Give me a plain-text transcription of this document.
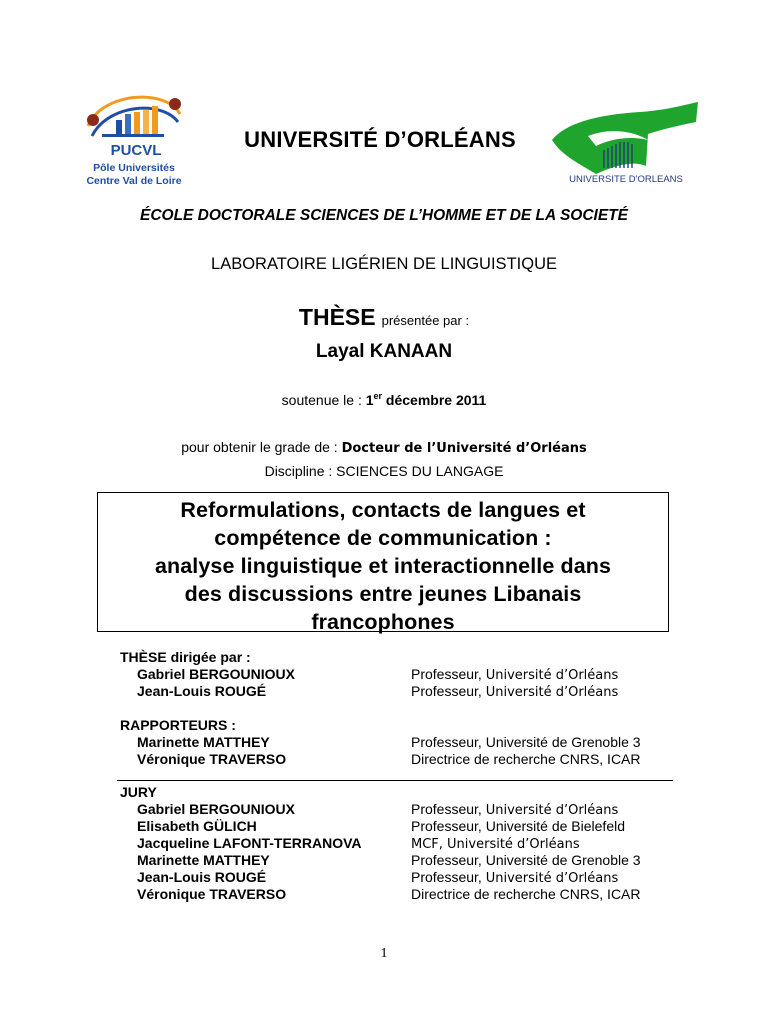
PUCVL
Pôle Universités
Centre Val de Loire	UNIVERSITE D'ORLEANS
UNIVERSITÉ D’ORLÉANS
ÉCOLE DOCTORALE SCIENCES DE L’HOMME ET DE LA SOCIETÉ
LABORATOIRE LIGÉRIEN DE LINGUISTIQUE
THÈSE présentée par :
Layal KANAAN
soutenue le : 1er décembre 2011
pour obtenir le grade de : Docteur de l’Université d’Orléans
Discipline : SCIENCES DU LANGAGE
Reformulations, contacts de langues et
compétence de communication :
analyse linguistique et interactionnelle dans
des discussions entre jeunes Libanais
francophones
THÈSE dirigée par :
Gabriel BERGOUNIOUX	Professeur, Université d’Orléans
Jean-Louis ROUGÉ	Professeur, Université d’Orléans
RAPPORTEURS :
Marinette MATTHEY	Professeur, Université de Grenoble 3
Véronique TRAVERSO	Directrice de recherche CNRS, ICAR
JURY
Gabriel BERGOUNIOUX	Professeur, Université d’Orléans
Elisabeth GÜLICH	Professeur, Université de Bielefeld
Jacqueline LAFONT-TERRANOVA	MCF, Université d’Orléans
Marinette MATTHEY	Professeur, Université de Grenoble 3
Jean-Louis ROUGÉ	Professeur, Université d’Orléans
Véronique TRAVERSO	Directrice de recherche CNRS, ICAR
1
